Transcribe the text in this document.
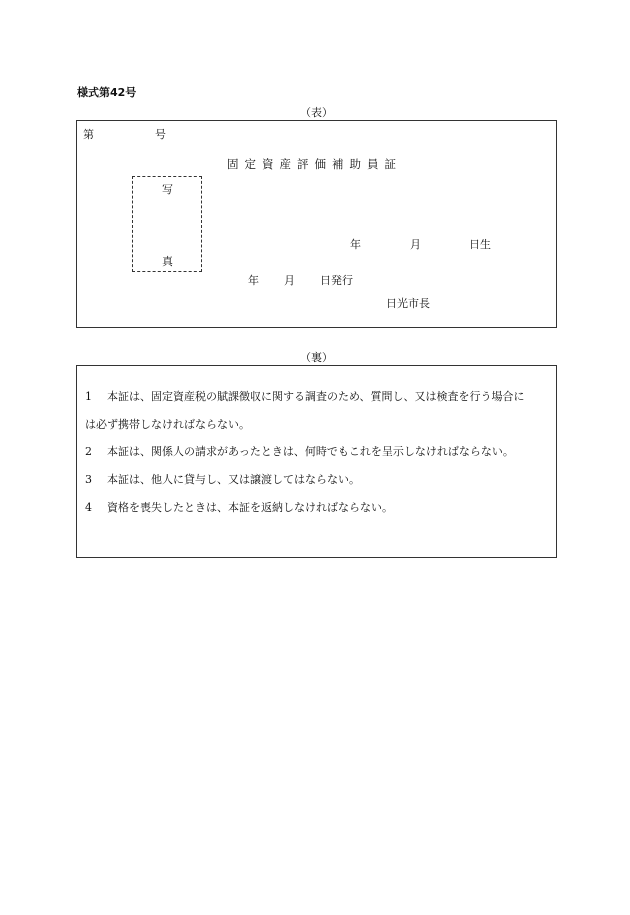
様式第42号
（表）
第	号
固定資産評価補助員証
写
真
年	月	日生
年 月 日発行
日光市長
（裏）
1 本証は、固定資産税の賦課徴収に関する調査のため、質問し、又は検査を行う場合に
は必ず携帯しなければならない。
2 本証は、関係人の請求があったときは、何時でもこれを呈示しなければならない。
3 本証は、他人に貸与し、又は譲渡してはならない。
4 資格を喪失したときは、本証を返納しなければならない。
